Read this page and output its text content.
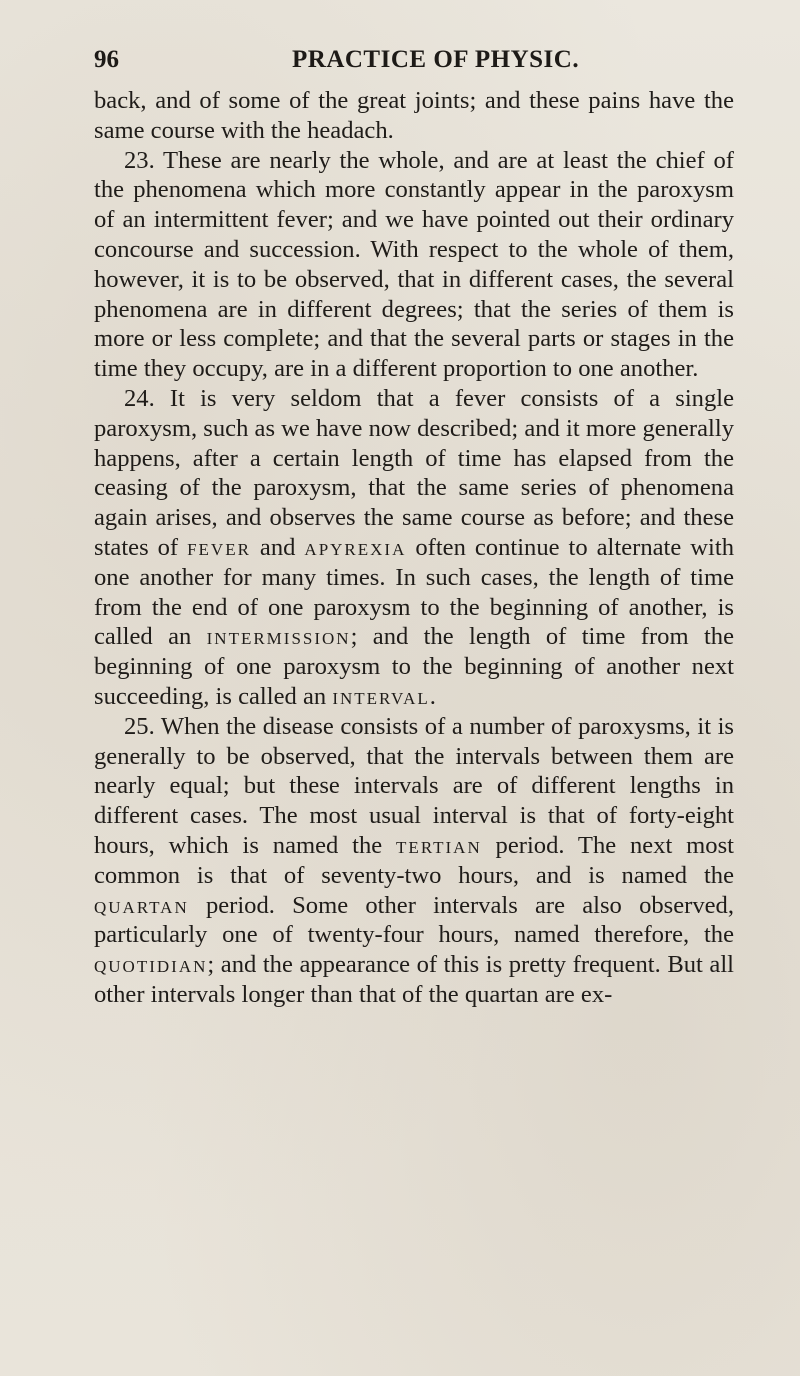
96	PRACTICE OF PHYSIC.

back, and of some of the great joints; and these pains have the same course with the headach.

23. These are nearly the whole, and are at least the chief of the phenomena which more constantly appear in the paroxysm of an intermittent fever; and we have pointed out their ordinary concourse and succession. With respect to the whole of them, however, it is to be observed, that in different cases, the several phenomena are in different degrees; that the series of them is more or less complete; and that the several parts or stages in the time they occupy, are in a different proportion to one another.

24. It is very seldom that a fever consists of a single paroxysm, such as we have now described; and it more generally happens, after a certain length of time has elapsed from the ceasing of the paroxysm, that the same series of phenomena again arises, and observes the same course as before; and these states of fever and apyrexia often continue to alternate with one another for many times. In such cases, the length of time from the end of one paroxysm to the beginning of another, is called an intermission; and the length of time from the beginning of one paroxysm to the beginning of another next succeeding, is called an interval.

25. When the disease consists of a number of paroxysms, it is generally to be observed, that the intervals between them are nearly equal; but these intervals are of different lengths in different cases. The most usual interval is that of forty-eight hours, which is named the tertian period. The next most common is that of seventy-two hours, and is named the quartan period. Some other intervals are also observed, particularly one of twenty-four hours, named therefore, the quotidian; and the appearance of this is pretty frequent. But all other intervals longer than that of the quartan are ex-
